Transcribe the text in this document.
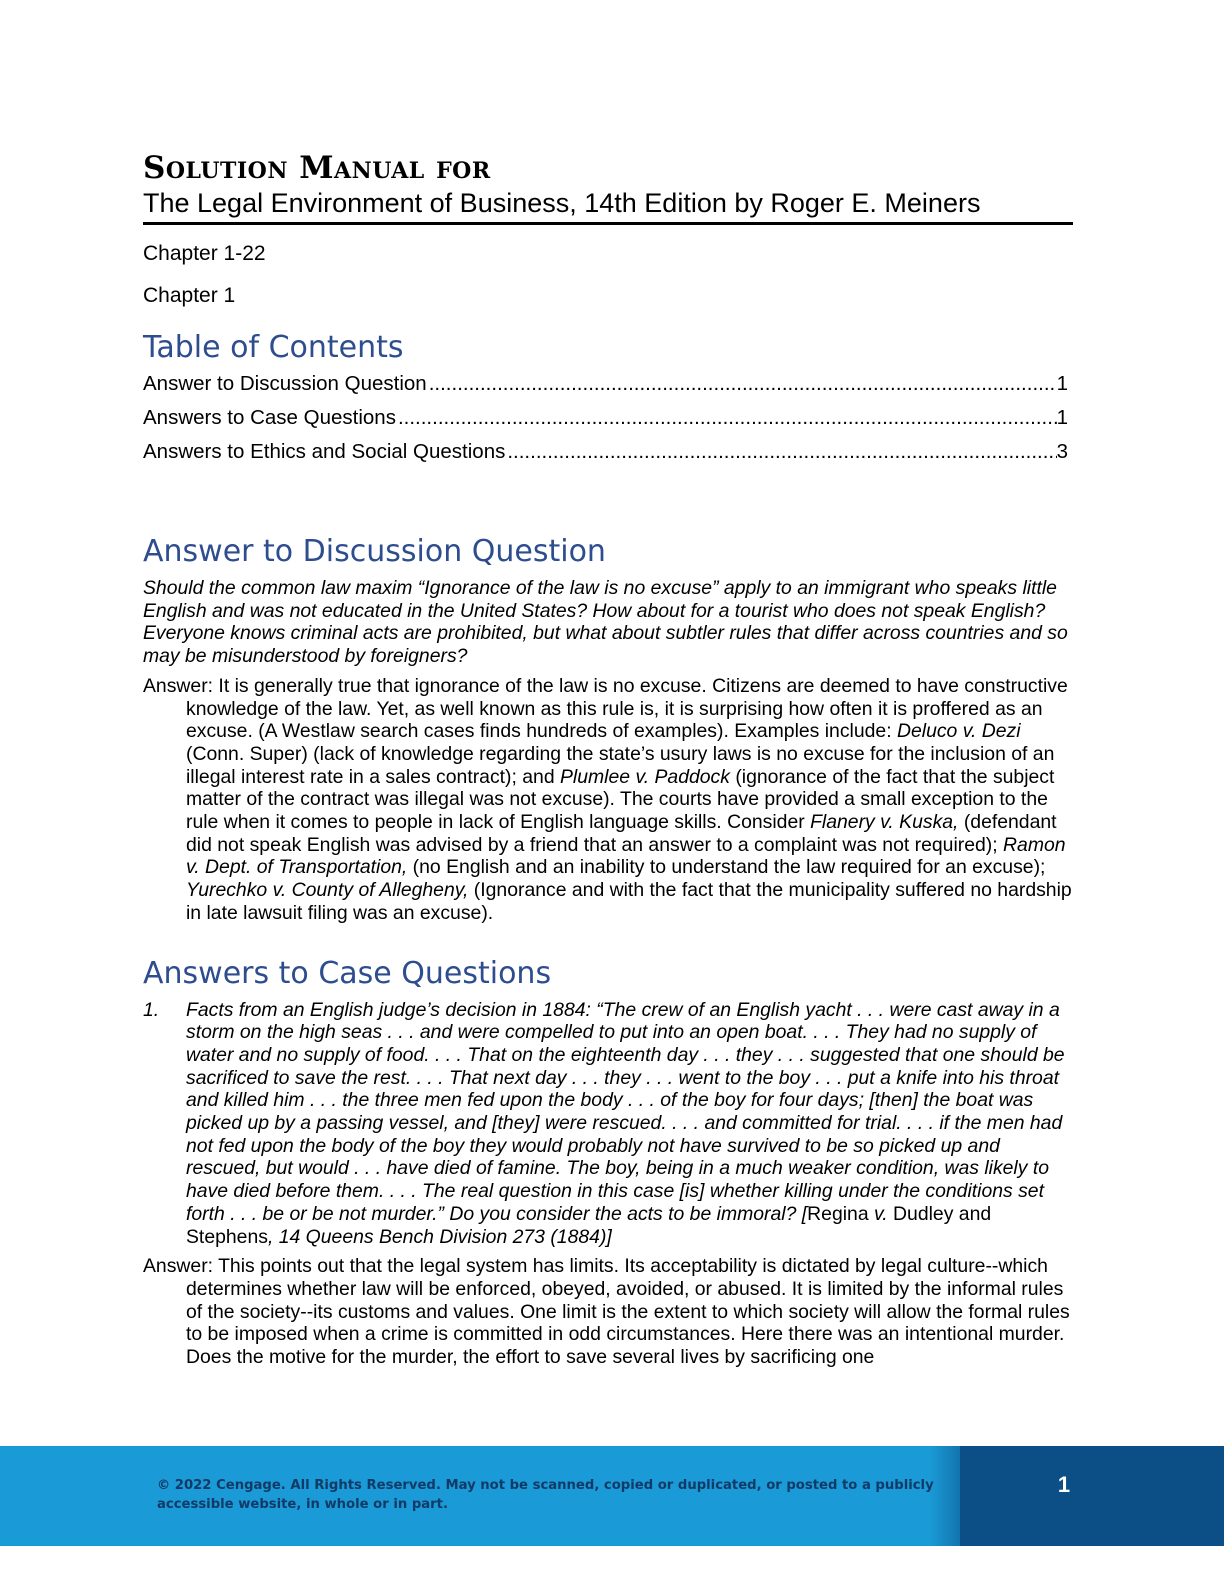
Solution Manual for
The Legal Environment of Business, 14th Edition by Roger E. Meiners

Chapter 1-22

Chapter 1

Table of Contents
Answer to Discussion Question .....	1
Answers to Case Questions .....	1
Answers to Ethics and Social Questions .....	3
Answer to Discussion Question

Should the common law maxim “Ignorance of the law is no excuse” apply to an immigrant who speaks little English and was not educated in the United States? How about for a tourist who does not speak English? Everyone knows criminal acts are prohibited, but what about subtler rules that differ across countries and so may be misunderstood by foreigners?

Answer: It is generally true that ignorance of the law is no excuse. Citizens are deemed to have constructive knowledge of the law. Yet, as well known as this rule is, it is surprising how often it is proffered as an excuse. (A Westlaw search cases finds hundreds of examples). Examples include: Deluco v. Dezi (Conn. Super) (lack of knowledge regarding the state’s usury laws is no excuse for the inclusion of an illegal interest rate in a sales contract); and Plumlee v. Paddock (ignorance of the fact that the subject matter of the contract was illegal was not excuse). The courts have provided a small exception to the rule when it comes to people in lack of English language skills. Consider Flanery v. Kuska, (defendant did not speak English was advised by a friend that an answer to a complaint was not required); Ramon v. Dept. of Transportation, (no English and an inability to understand the law required for an excuse); Yurechko v. County of Allegheny, (Ignorance and with the fact that the municipality suffered no hardship in late lawsuit filing was an excuse).

Answers to Case Questions
1.	Facts from an English judge’s decision in 1884: “The crew of an English yacht . . . were cast away in a storm on the high seas . . . and were compelled to put into an open boat. . . . They had no supply of water and no supply of food. . . . That on the eighteenth day . . . they . . . suggested that one should be sacrificed to save the rest. . . . That next day . . . they . . . went to the boy . . . put a knife into his throat and killed him . . . the three men fed upon the body . . . of the boy for four days; [then] the boat was picked up by a passing vessel, and [they] were rescued. . . . and committed for trial. . . . if the men had not fed upon the body of the boy they would probably not have survived to be so picked up and rescued, but would . . . have died of famine. The boy, being in a much weaker condition, was likely to have died before them. . . . The real question in this case [is] whether killing under the conditions set forth . . . be or be not murder.” Do you consider the acts to be immoral? [Regina v. Dudley and Stephens, 14 Queens Bench Division 273 (1884)]

Answer: This points out that the legal system has limits. Its acceptability is dictated by legal culture--which determines whether law will be enforced, obeyed, avoided, or abused. It is limited by the informal rules of the society--its customs and values. One limit is the extent to which society will allow the formal rules to be imposed when a crime is committed in odd circumstances. Here there was an intentional murder. Does the motive for the murder, the effort to save several lives by sacrificing one

© 2022 Cengage. All Rights Reserved. May not be scanned, copied or duplicated, or posted to a publicly accessible website, in whole or in part.
1
